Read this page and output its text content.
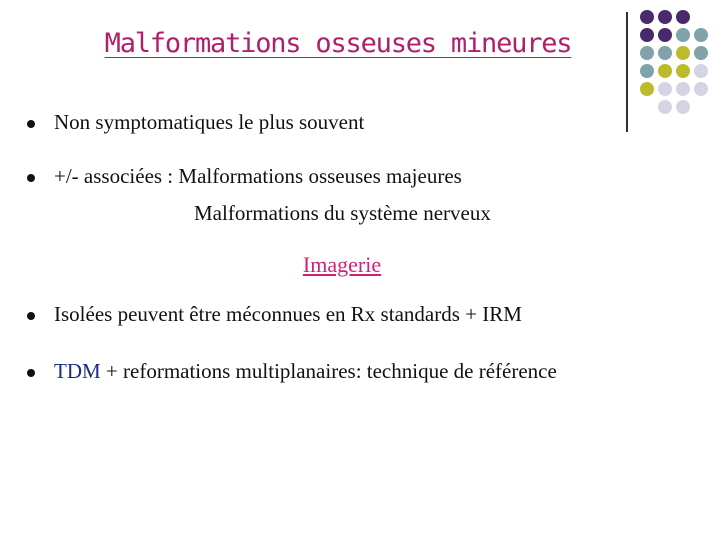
Malformations osseuses mineures
Non symptomatiques le plus souvent
+/- associées : Malformations osseuses majeures
Malformations du système nerveux
Imagerie
Isolées peuvent être méconnues en Rx standards + IRM
TDM + reformations multiplanaires: technique de référence
